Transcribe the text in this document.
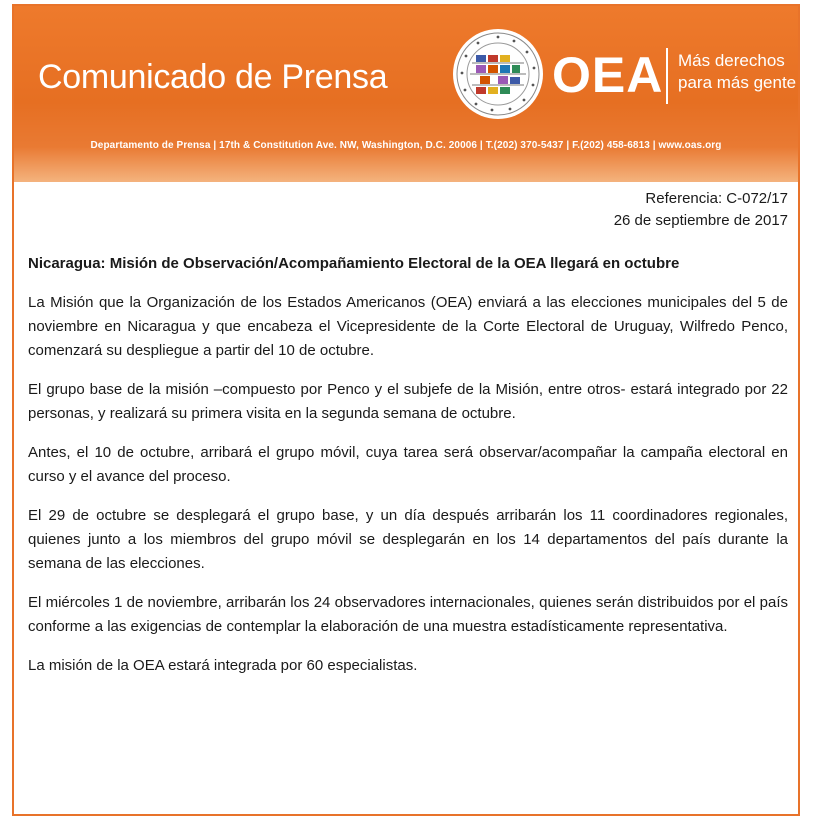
Comunicado de Prensa	OEA Más derechos
para más gente
Departamento de Prensa | 17th & Constitution Ave. NW, Washington, D.C. 20006 | T.(202) 370-5437 | F.(202) 458-6813 | www.oas.org
Referencia: C-072/17
26 de septiembre de 2017
Nicaragua: Misión de Observación/Acompañamiento Electoral de la OEA llegará en octubre
La Misión que la Organización de los Estados Americanos (OEA) enviará a las elecciones municipales del 5 de noviembre en Nicaragua y que encabeza el Vicepresidente de la Corte Electoral de Uruguay, Wilfredo Penco, comenzará su despliegue a partir del 10 de octubre.
El grupo base de la misión –compuesto por Penco y el subjefe de la Misión, entre otros- estará integrado por 22 personas, y realizará su primera visita en la segunda semana de octubre.
Antes, el 10 de octubre, arribará el grupo móvil, cuya tarea será observar/acompañar la campaña electoral en curso y el avance del proceso.
El 29 de octubre se desplegará el grupo base, y un día después arribarán los 11 coordinadores regionales, quienes junto a los miembros del grupo móvil se desplegarán en los 14 departamentos del país durante la semana de las elecciones.
El miércoles 1 de noviembre, arribarán los 24 observadores internacionales, quienes serán distribuidos por el país conforme a las exigencias de contemplar la elaboración de una muestra estadísticamente representativa.
La misión de la OEA estará integrada por 60 especialistas.
